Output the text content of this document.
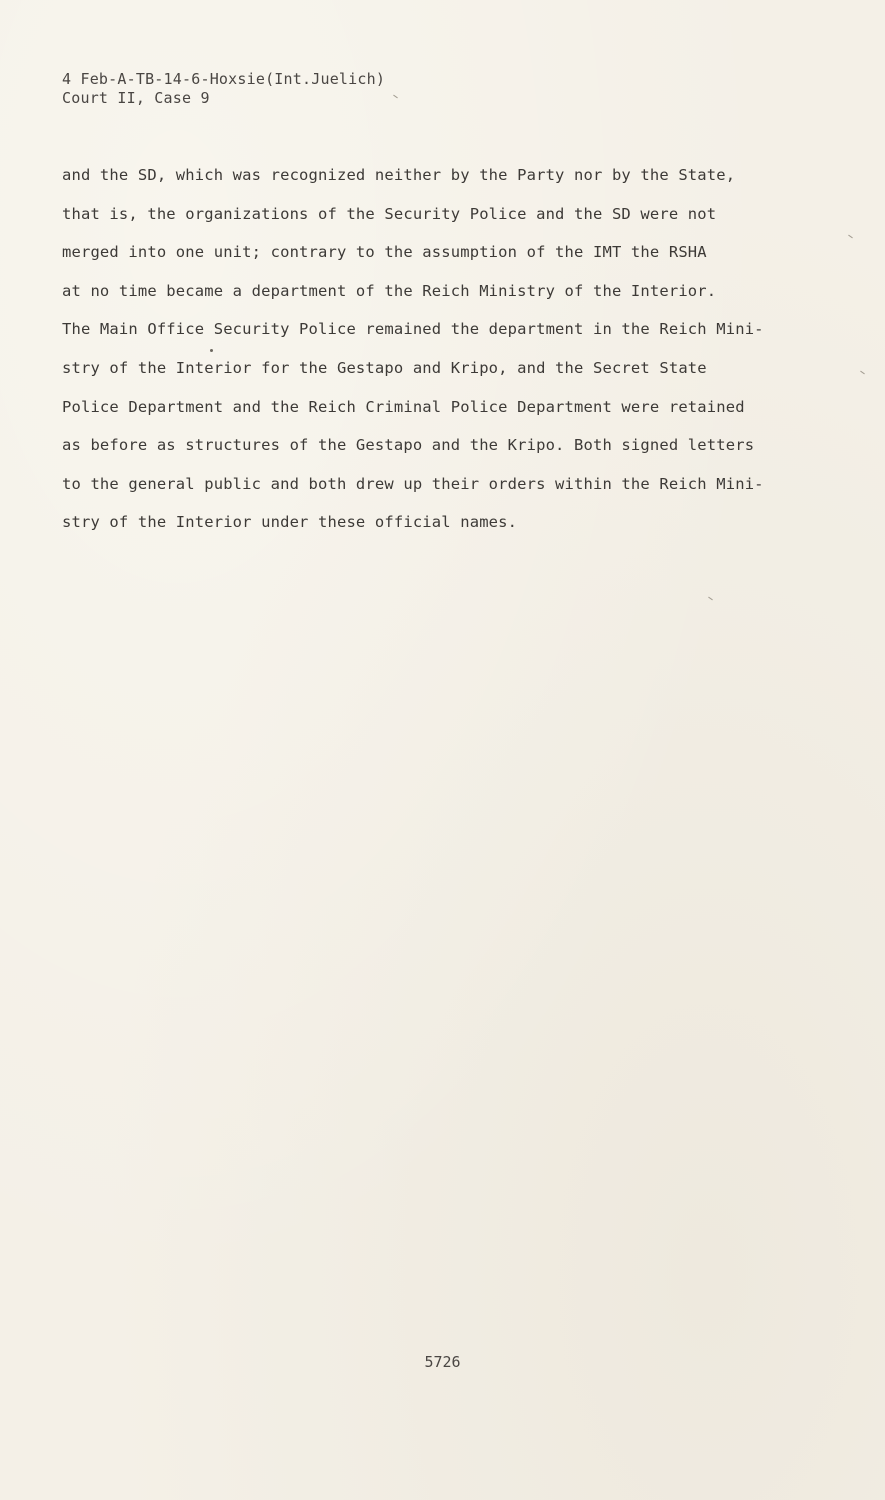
4 Feb-A-TB-14-6-Hoxsie(Int.Juelich)
Court II, Case 9
and the SD, which was recognized neither by the Party nor by the State,
that is, the organizations of the Security Police and the SD were not
merged into one unit; contrary to the assumption of the IMT the RSHA
at no time became a department of the Reich Ministry of the Interior.
The Main Office Security Police remained the department in the Reich Mini-
stry of the Interior for the Gestapo and Kripo, and the Secret State
Police Department and the Reich Criminal Police Department were retained
as before as structures of the Gestapo and the Kripo. Both signed letters
to the general public and both drew up their orders within the Reich Mini-
stry of the Interior under these official names.
5726
